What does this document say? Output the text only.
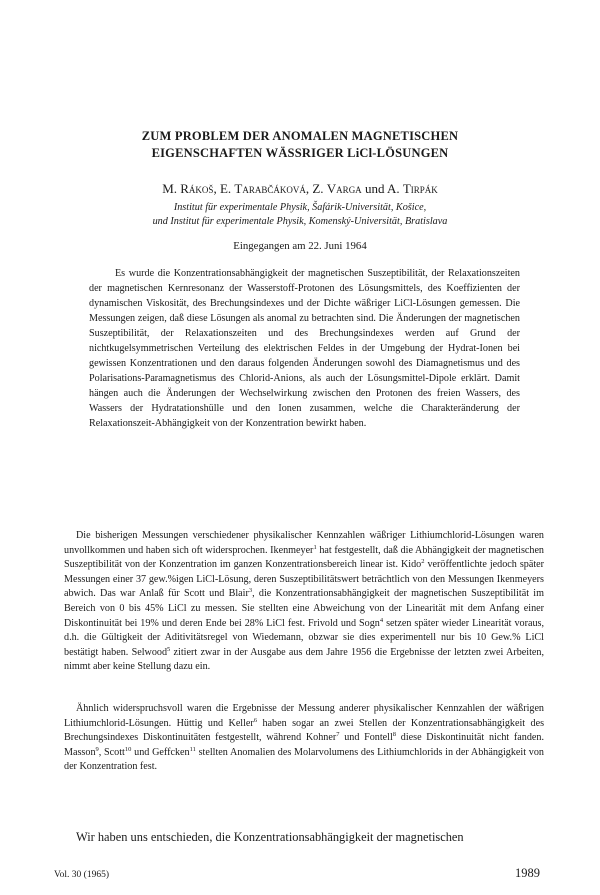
ZUM PROBLEM DER ANOMALEN MAGNETISCHEN
EIGENSCHAFTEN WÄSSRIGER LiCl-LÖSUNGEN
M. Rákoš, E. Tarabčáková, Z. Varga und A. Tirpák
Institut für experimentale Physik, Šafárik-Universität, Košice,
und Institut für experimentale Physik, Komenský-Universität, Bratislava
Eingegangen am 22. Juni 1964

Es wurde die Konzentrationsabhängigkeit der magnetischen Suszeptibilität, der Relaxationszeiten der magnetischen Kernresonanz der Wasserstoff-Protonen des Lösungsmittels, des Koeffizienten der dynamischen Viskosität, des Brechungsindexes und der Dichte wäßriger LiCl-Lösungen gemessen. Die Messungen zeigen, daß diese Lösungen als anomal zu betrachten sind. Die Änderungen der magnetischen Suszeptibilität, der Relaxationszeiten und des Brechungsindexes werden auf Grund der nichtkugelsymmetrischen Verteilung des elektrischen Feldes in der Umgebung der Hydrat-Ionen bei gewissen Konzentrationen und den daraus folgenden Änderungen sowohl des Diamagnetismus und des Polarisations-Paramagnetismus des Chlorid-Anions, als auch der Lösungsmittel-Dipole erklärt. Damit hängen auch die Änderungen der Wechselwirkung zwischen den Protonen des freien Wassers, des Wassers der Hydratationshülle und den Ionen zusammen, welche die Charakteränderung der Relaxationszeit-Abhängigkeit von der Konzentration bewirkt haben.

Die bisherigen Messungen verschiedener physikalischer Kennzahlen wäßriger Lithiumchlorid-Lösungen waren unvollkommen und haben sich oft widersprochen. Ikenmeyer$^1$ hat festgestellt, daß die Abhängigkeit der magnetischen Suszeptibilität von der Konzentration im ganzen Konzentrationsbereich linear ist. Kido$^2$ veröffentlichte jedoch später Messungen einer 37 gew.%igen LiCl-Lösung, deren Suszeptibilitätswert beträchtlich von den Messungen Ikenmeyers abwich. Das war Anlaß für Scott und Blair$^3$, die Konzentrationsabhängigkeit der magnetischen Suszeptibilität im Bereich von 0 bis 45% LiCl zu messen. Sie stellten eine Abweichung von der Linearität mit dem Anfang einer Diskontinuität bei 19% und deren Ende bei 28% LiCl fest. Frivold und Sogn$^4$ setzen später wieder Linearität voraus, d.h. die Gültigkeit der Aditivitätsregel von Wiedemann, obzwar sie dies experimentell nur bis 10 Gew.% LiCl bestätigt haben. Selwood$^5$ zitiert zwar in der Ausgabe aus dem Jahre 1956 die Ergebnisse der letzten zwei Arbeiten, nimmt aber keine Stellung dazu ein.

Ähnlich widerspruchsvoll waren die Ergebnisse der Messung anderer physikalischer Kennzahlen der wäßrigen Lithiumchlorid-Lösungen. Hüttig und Keller$^6$ haben sogar an zwei Stellen der Konzentrationsabhängigkeit des Brechungsindexes Diskontinuitäten festgestellt, während Kohner$^7$ und Fontell$^8$ diese Diskontinuität nicht fanden. Masson$^9$, Scott$^{10}$ und Geffcken$^{11}$ stellten Anomalien des Molarvolumens des Lithiumchlorids in der Abhängigkeit von der Konzentration fest.

Wir haben uns entschieden, die Konzentrationsabhängigkeit der magnetischen

Vol. 30 (1965)	1989
